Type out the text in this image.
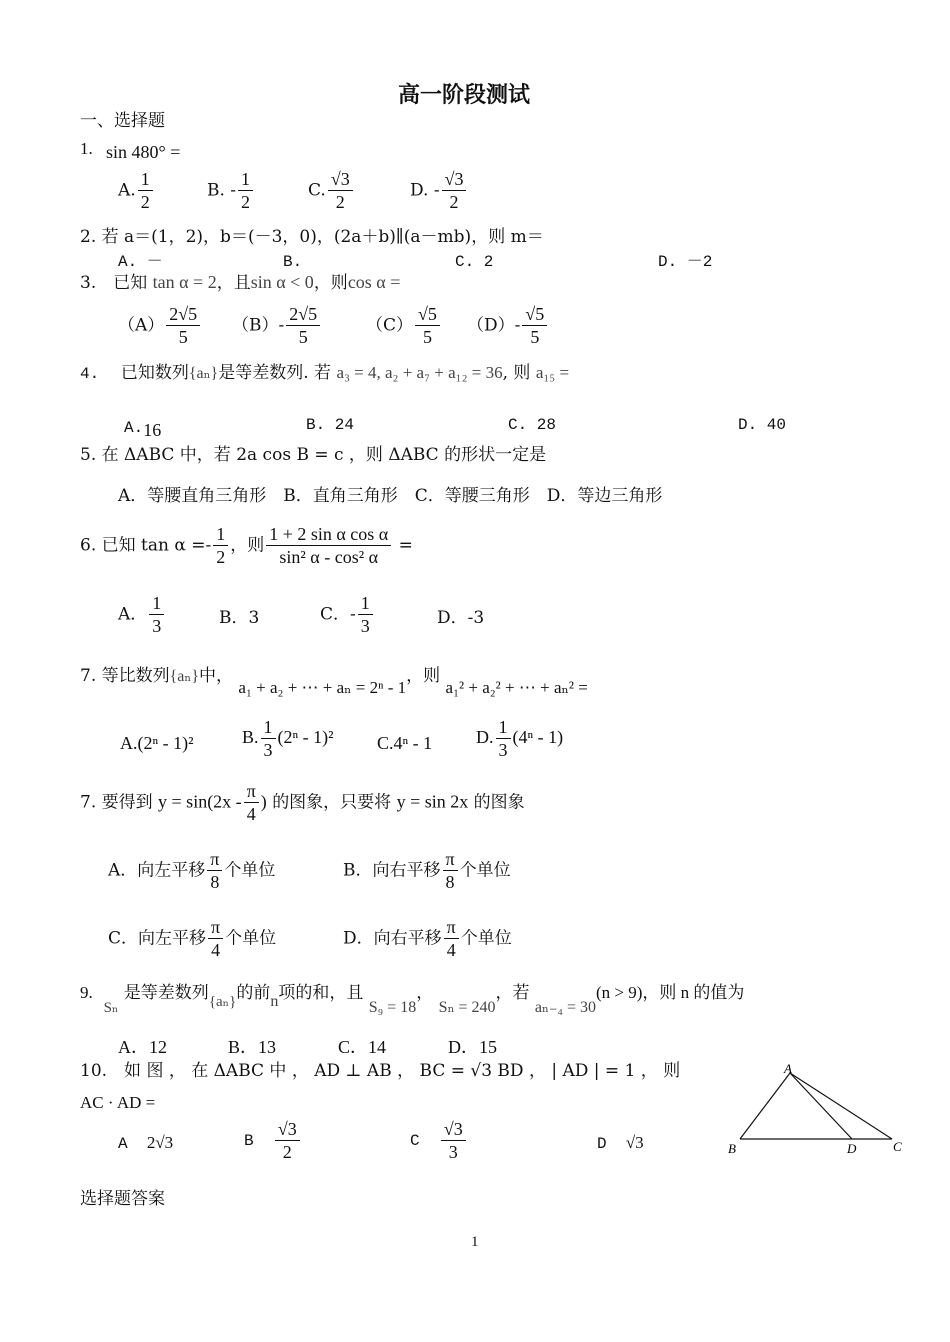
高一阶段测试
一、选择题
1. sin 480° =
A. $\frac{1}{2}$	B. - $\frac{1}{2}$	C. $\frac{√3}{2}$	D. - $\frac{√3}{2}$
2. 若 a＝(1，2)，b＝(－3，0)，(2a＋b)∥(a－mb)，则 m＝
A. －	B.	C. 2	D. －2
3.　已知 tan α = 2，且sin α < 0，则cos α =
$(A) \frac{2√5}{5} (B)- \frac{2√5}{5}$	$(C) \frac{√5}{5} (D)- \frac{√5}{5}$
4. 已知数列{aₙ}是等差数列. 若 a₃ = 4, a₂ + a₇ + a₁₂ = 36, 则 a₁₅ =
A.16	B. 24	C. 28	D. 40
5. 在 ΔABC 中，若 2a cos B = c ，则 ΔABC 的形状一定是
A．等腰直角三角形　B．直角三角形　C．等腰三角形　D．等边三角形
6. 已知 $\tan \alpha =- \frac{1}{2}$ ，则 $\frac{\text{1 + 2 sin α cos α}}{\text{sin² α - cos² α}}$ =
A． $\frac{1}{3}$	B．3	C．- $\frac{1}{3}$	D．-3
7. 等比数列{aₙ}中， a₁ + a₂ + ⋯ + aₙ = 2ⁿ - 1，则 a₁² + a₂² + ⋯ + aₙ² =
A.(2ⁿ - 1)²	B. $\frac{1}{3} (2^n - 1)^2$ C.4ⁿ - 1 D. $\frac{1}{3} (4^n - 1)$
7. 要得到 $y = \sin(2x - \frac{\pi}{4}$ ) 的图象，只要将 y = sin 2x 的图象
A．向左平移 $\frac{\pi}{8}$ 个单位	B．向右平移 $\frac{\pi}{8}$ 个单位
C．向左平移 $\frac{\pi}{4}$ 个单位	D．向右平移 $\frac{\pi}{4}$ 个单位
9.  Sₙ 是等差数列{aₙ}的前n项的和，且 S₉ = 18， Sₙ = 240，若 aₙ₋₄ = 30(n > 9)，则 n 的值为
A．12	B．13	C．14	D．15
10.　如 图 ， 在 ΔABC 中 ， AD ⊥ AB ， BC = √3 BD ， | AD | = 1 ， 则
AC · AD =
A 2√3	B $\frac{√3}{2}$	C $\frac{√3}{3}$	D √3
A
B	D	C
选择题答案
1
